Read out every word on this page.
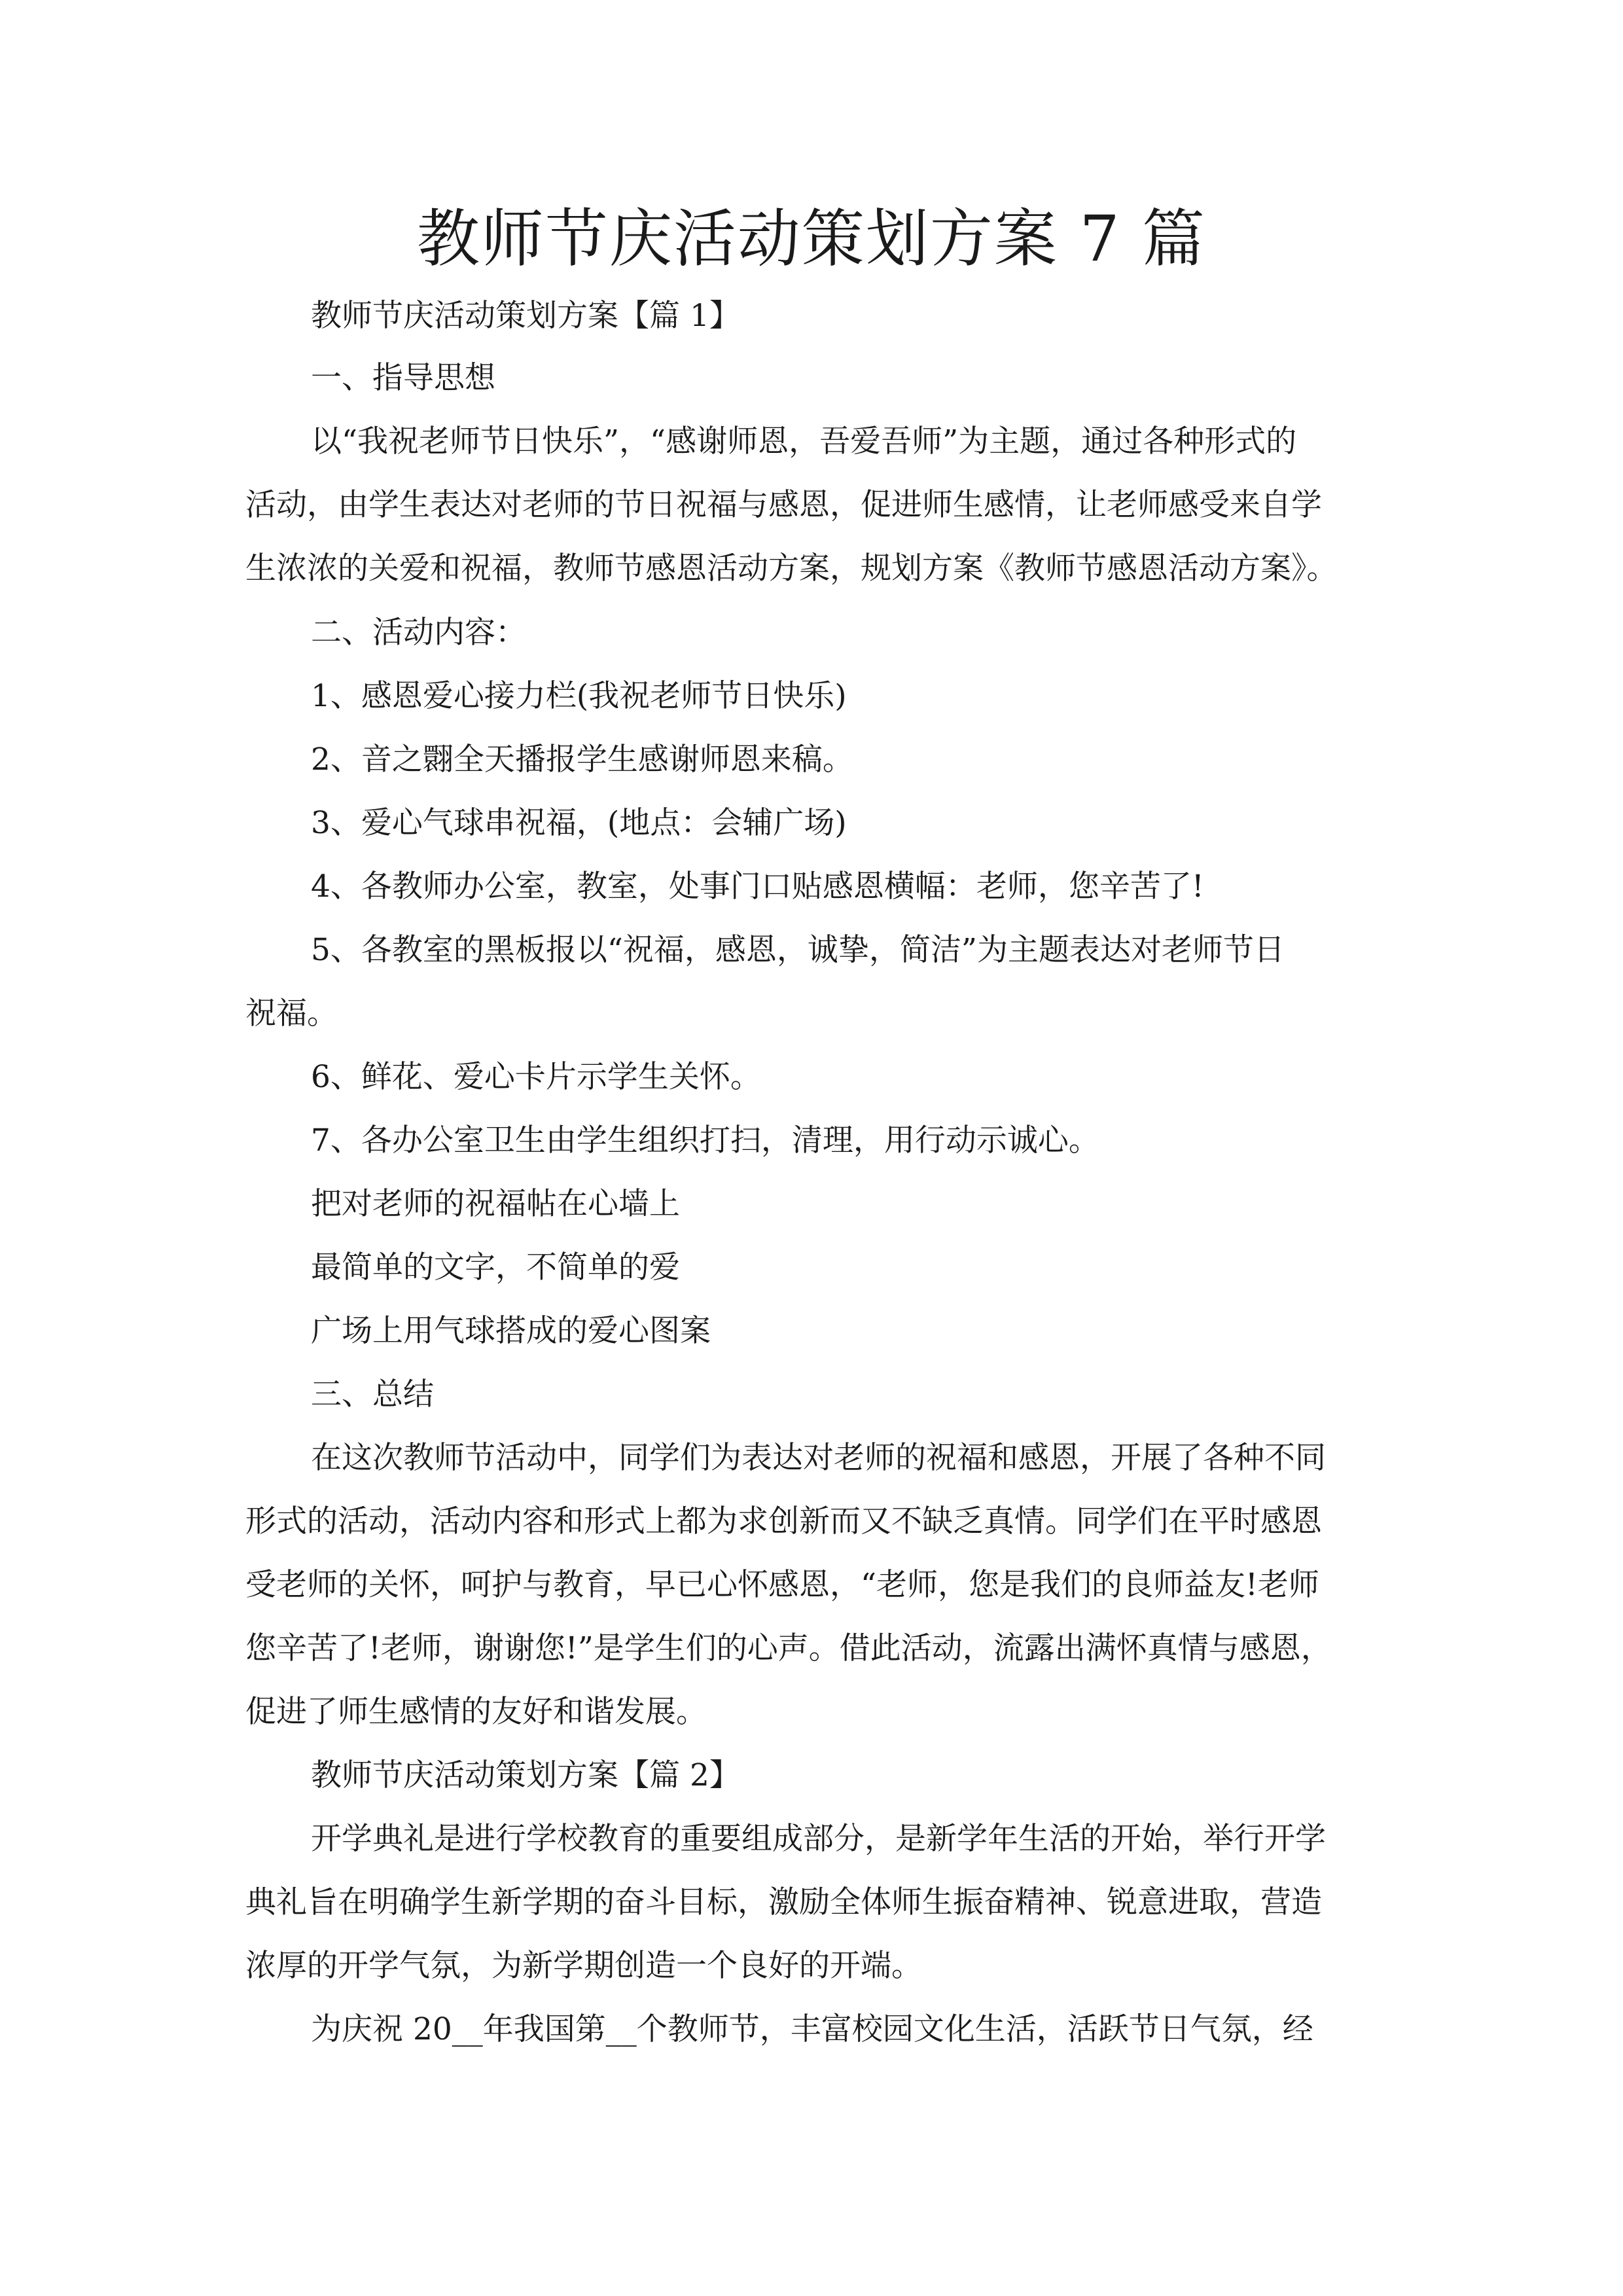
教师节庆活动策划方案 7 篇

教师节庆活动策划方案【篇 1】

一、指导思想

以“我祝老师节日快乐”，“感谢师恩，吾爱吾师”为主题，通过各种形式的

活动，由学生表达对老师的节日祝福与感恩，促进师生感情，让老师感受来自学

生浓浓的关爱和祝福，教师节感恩活动方案，规划方案《教师节感恩活动方案》。

二、活动内容：

1、感恩爱心接力栏(我祝老师节日快乐)

2、音之翾全天播报学生感谢师恩来稿。

3、爱心气球串祝福，(地点：会辅广场)

4、各教师办公室，教室，处事门口贴感恩横幅：老师，您辛苦了!

5、各教室的黑板报以“祝福，感恩，诚挚，简洁”为主题表达对老师节日

祝福。

6、鲜花、爱心卡片示学生关怀。

7、各办公室卫生由学生组织打扫，清理，用行动示诚心。

把对老师的祝福帖在心墙上

最简单的文字，不简单的爱

广场上用气球搭成的爱心图案

三、总结

在这次教师节活动中，同学们为表达对老师的祝福和感恩，开展了各种不同

形式的活动，活动内容和形式上都为求创新而又不缺乏真情。同学们在平时感恩

受老师的关怀，呵护与教育，早已心怀感恩，“老师，您是我们的良师益友!老师

您辛苦了!老师，谢谢您!”是学生们的心声。借此活动，流露出满怀真情与感恩，

促进了师生感情的友好和谐发展。

教师节庆活动策划方案【篇 2】

开学典礼是进行学校教育的重要组成部分，是新学年生活的开始，举行开学

典礼旨在明确学生新学期的奋斗目标，激励全体师生振奋精神、锐意进取，营造

浓厚的开学气氛，为新学期创造一个良好的开端。

为庆祝 20__年我国第__个教师节，丰富校园文化生活，活跃节日气氛，经
